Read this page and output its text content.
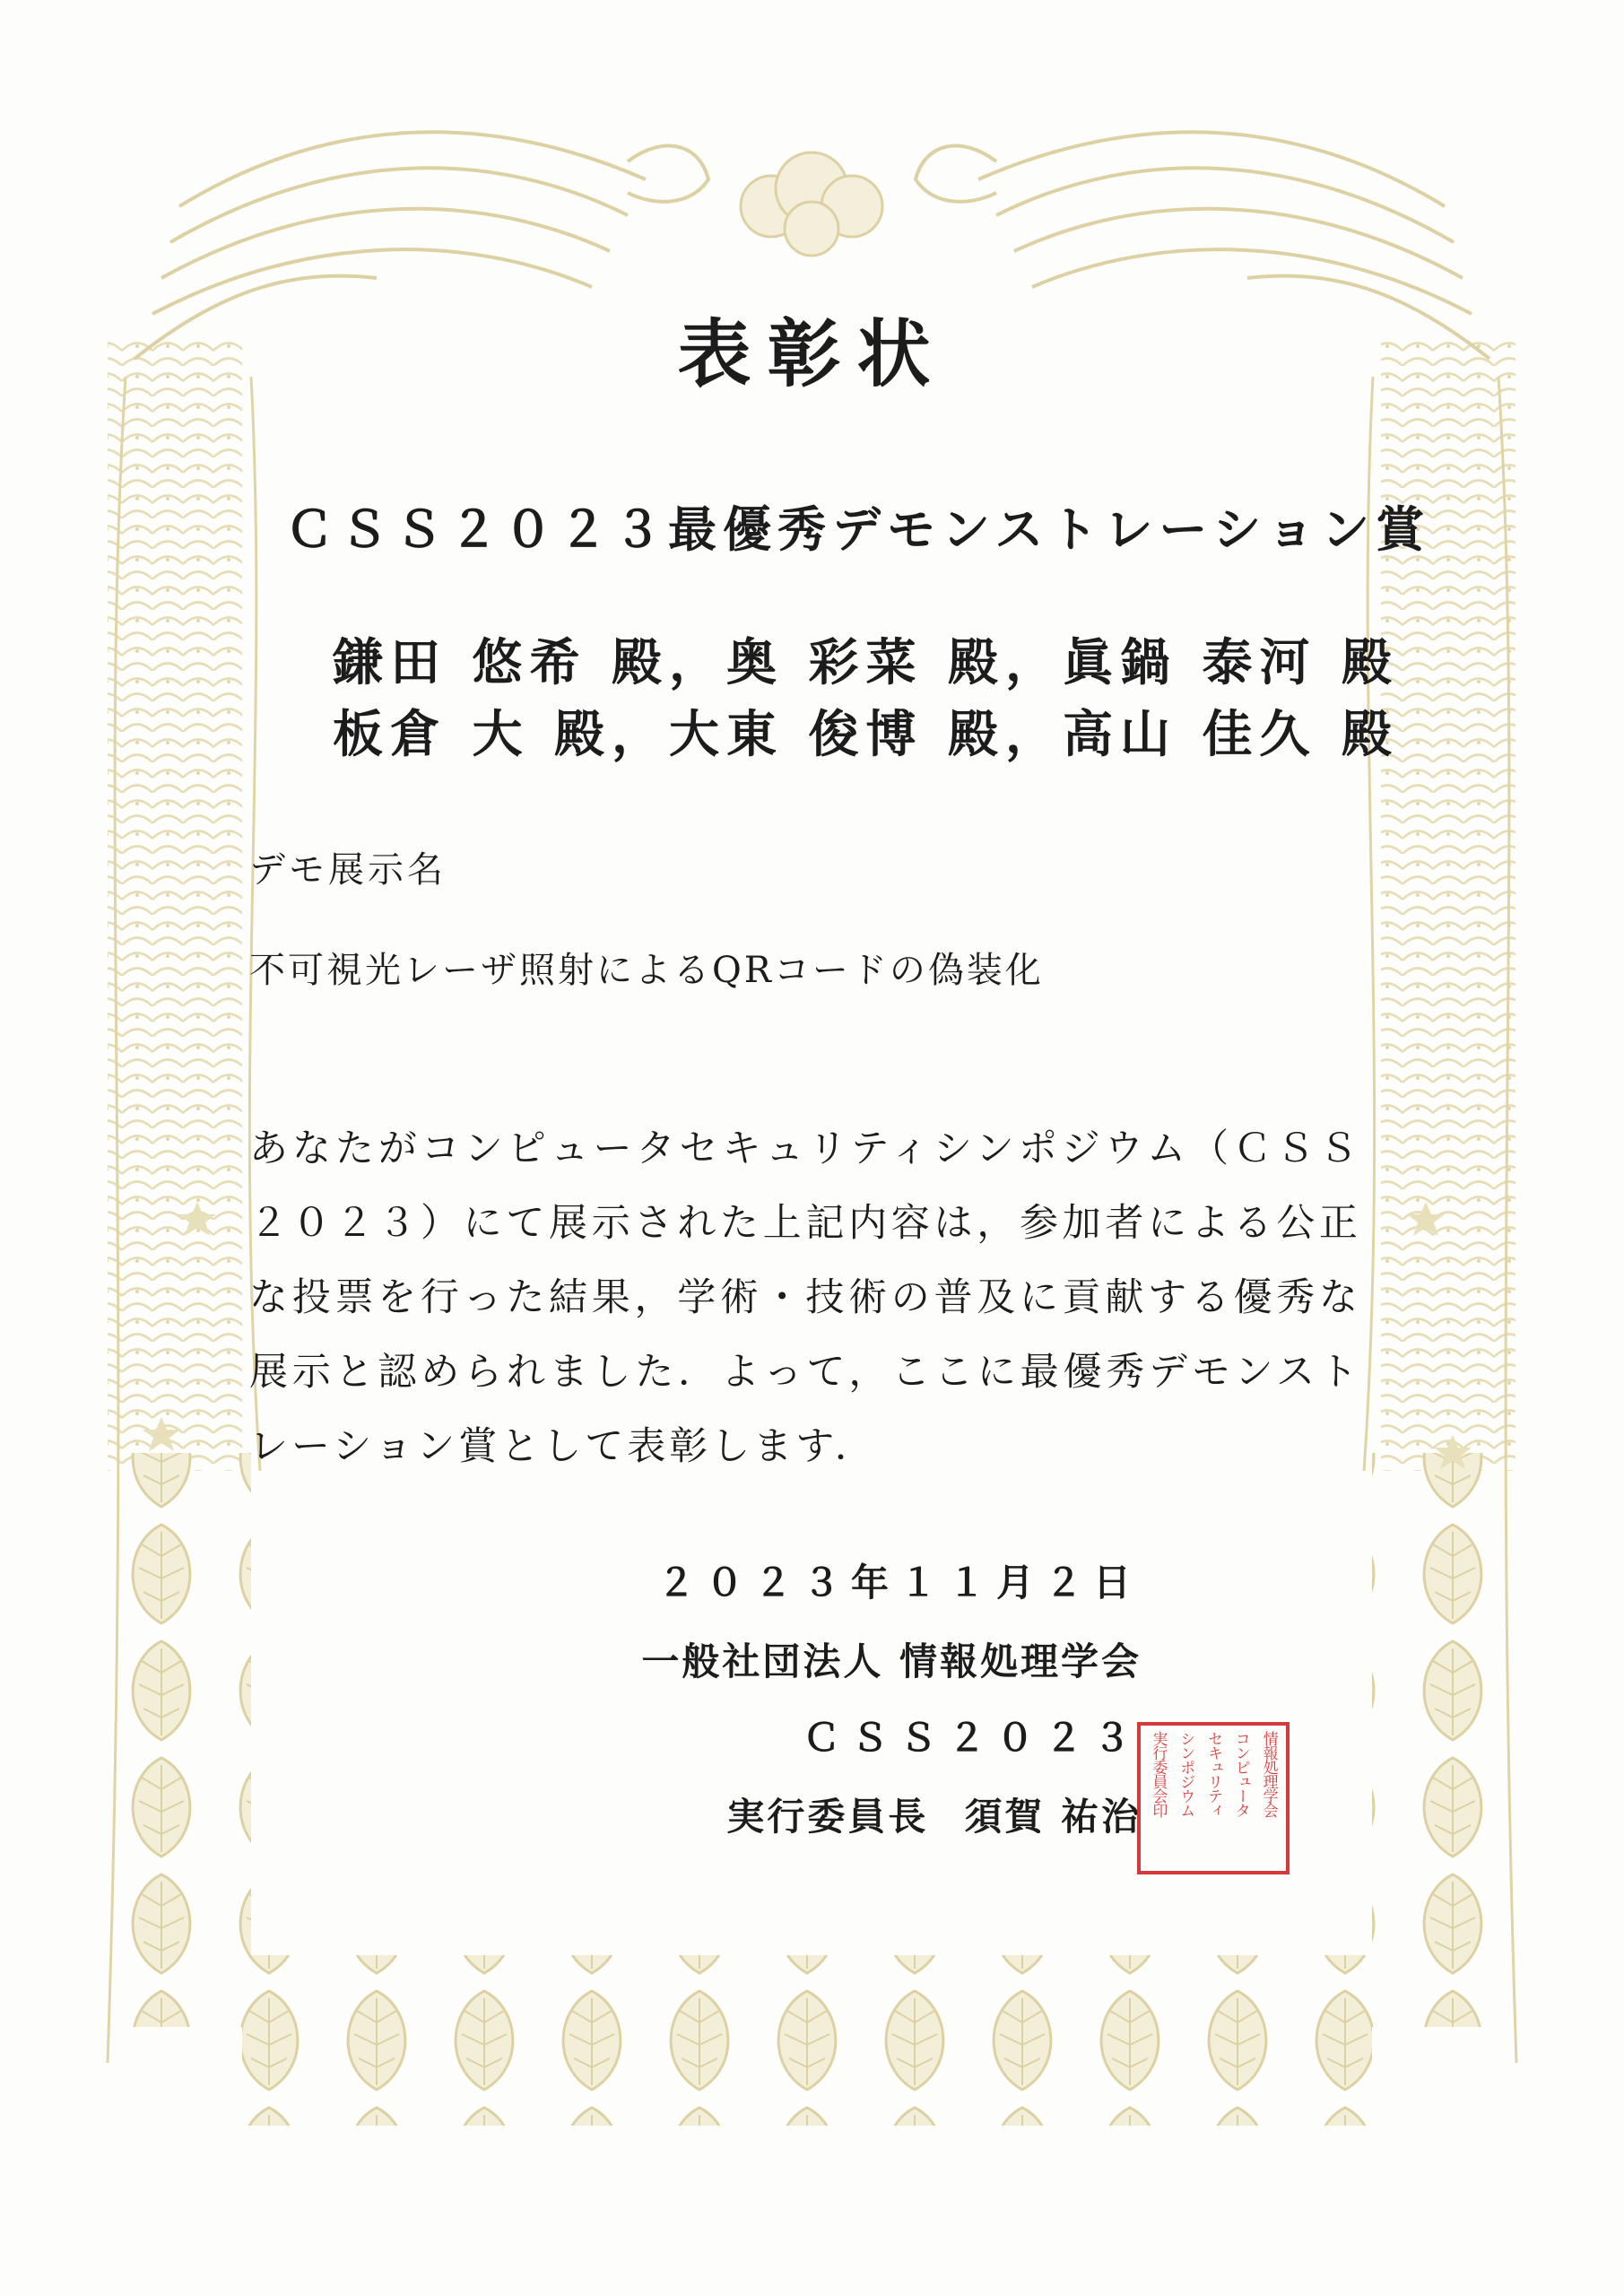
表彰状
ＣＳＳ２０２３最優秀デモンストレーション賞
鎌田 悠希 殿，奥 彩菜 殿，眞鍋 泰河 殿
板倉 大 殿，大東 俊博 殿，高山 佳久 殿
デモ展示名
不可視光レーザ照射によるQRコードの偽装化
あなたがコンピュータセキュリティシンポジウム（ＣＳＳ２０２３）にて展示された上記内容は，参加者による公正な投票を行った結果，学術・技術の普及に貢献する優秀な展示と認められました．よって，ここに最優秀デモンストレーション賞として表彰します．
２０２３年１１月２日
一般社団法人 情報処理学会
ＣＳＳ２０２３
実行委員長 須賀 祐治	情報処理学会
コンピュータ
セキュリティ
シンポジウム
実行委員会印
